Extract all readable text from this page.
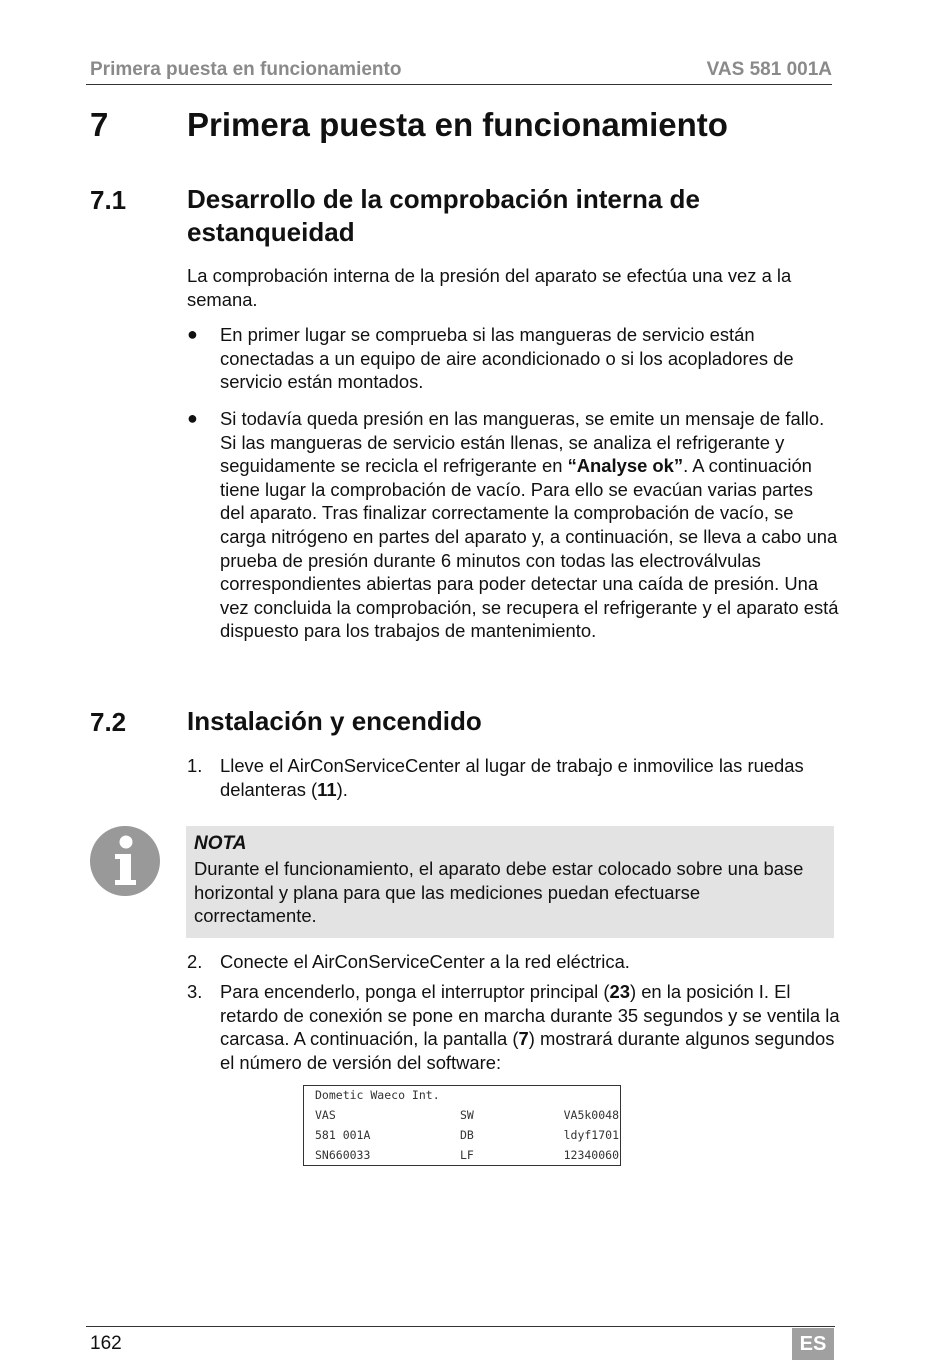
Primera puesta en funcionamiento	VAS 581 001A
7 Primera puesta en funcionamiento
7.1 Desarrollo de la comprobación interna de estanqueidad
La comprobación interna de la presión del aparato se efectúa una vez a la semana.
● En primer lugar se comprueba si las mangueras de servicio están conectadas a un equipo de aire acondicionado o si los acopladores de servicio están montados.
● Si todavía queda presión en las mangueras, se emite un mensaje de fallo. Si las mangueras de servicio están llenas, se analiza el refrigerante y seguidamente se recicla el refrigerante en “Analyse ok”. A continuación tiene lugar la comprobación de vacío. Para ello se evacúan varias partes del aparato. Tras finalizar correctamente la comprobación de vacío, se carga nitrógeno en partes del aparato y, a continuación, se lleva a cabo una prueba de presión durante 6 minutos con todas las electroválvulas correspondientes abiertas para poder detectar una caída de presión. Una vez concluida la comprobación, se recupera el refrigerante y el aparato está dispuesto para los trabajos de mantenimiento.
7.2 Instalación y encendido
1. Lleve el AirConServiceCenter al lugar de trabajo e inmovilice las ruedas delanteras (11).
NOTA
Durante el funcionamiento, el aparato debe estar colocado sobre una base horizontal y plana para que las mediciones puedan efectuarse correctamente.
2. Conecte el AirConServiceCenter a la red eléctrica.
3. Para encenderlo, ponga el interruptor principal (23) en la posición I. El retardo de conexión se pone en marcha durante 35 segundos y se ventila la carcasa. A continuación, la pantalla (7) mostrará durante algunos segundos el número de versión del software:
Dometic Waeco Int.
VAS	SW	VA5k0048
581 001A	DB	ldyf1701
SN660033	LF	12340060
162	ES
